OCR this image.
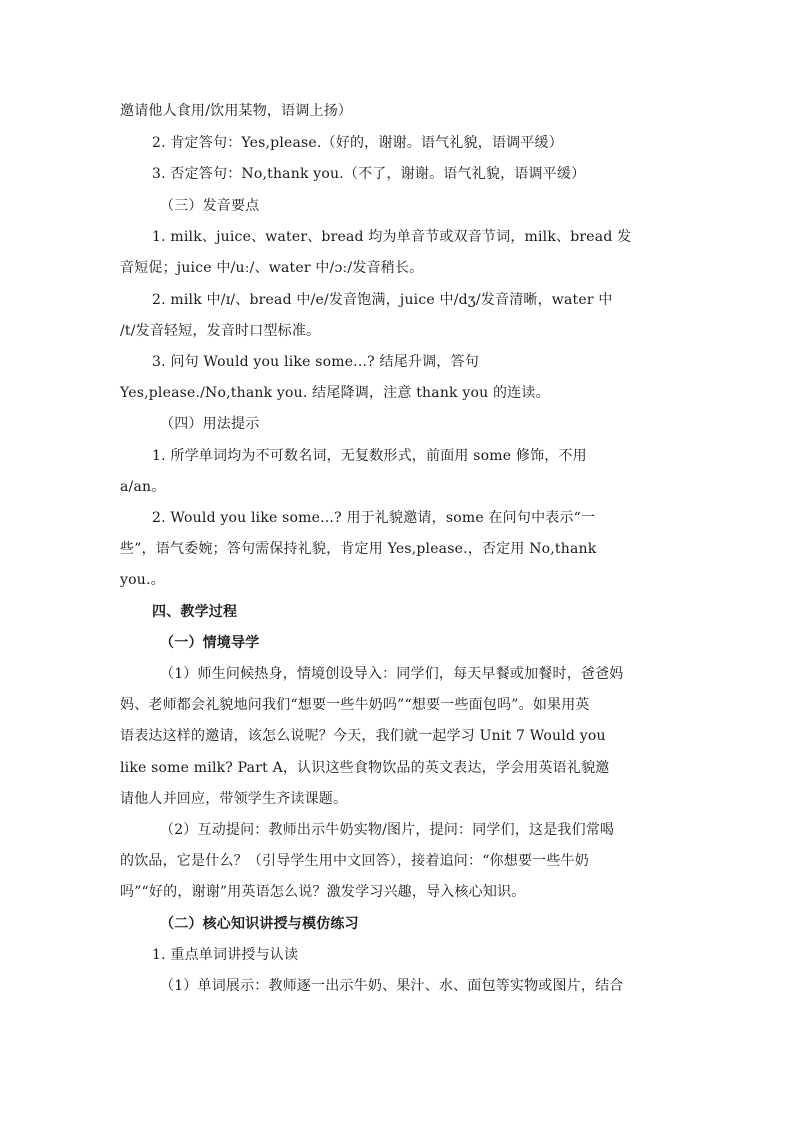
邀请他人食用/饮用某物，语调上扬）
2. 肯定答句：Yes,please.（好的，谢谢。语气礼貌，语调平缓）
3. 否定答句：No,thank you.（不了，谢谢。语气礼貌，语调平缓）
（三）发音要点
1. milk、juice、water、bread 均为单音节或双音节词，milk、bread 发
音短促；juice 中/uː/、water 中/ɔː/发音稍长。
2. milk 中/ɪ/、bread 中/e/发音饱满，juice 中/dʒ/发音清晰，water 中
/t/发音轻短，发音时口型标准。
3. 问句 Would you like some...? 结尾升调，答句
Yes,please./No,thank you. 结尾降调，注意 thank you 的连读。
（四）用法提示
1. 所学单词均为不可数名词，无复数形式，前面用 some 修饰，不用
a/an。
2. Would you like some...? 用于礼貌邀请，some 在问句中表示“一
些”，语气委婉；答句需保持礼貌，肯定用 Yes,please.，否定用 No,thank
you.。
四、教学过程
（一）情境导学
（1）师生问候热身，情境创设导入：同学们，每天早餐或加餐时，爸爸妈
妈、老师都会礼貌地问我们“想要一些牛奶吗”“想要一些面包吗”。如果用英
语表达这样的邀请，该怎么说呢？今天，我们就一起学习 Unit 7 Would you
like some milk? Part A，认识这些食物饮品的英文表达，学会用英语礼貌邀
请他人并回应，带领学生齐读课题。
（2）互动提问：教师出示牛奶实物/图片，提问：同学们，这是我们常喝
的饮品，它是什么？（引导学生用中文回答），接着追问：“你想要一些牛奶
吗”“好的，谢谢”用英语怎么说？激发学习兴趣，导入核心知识。
（二）核心知识讲授与模仿练习
1. 重点单词讲授与认读
（1）单词展示：教师逐一出示牛奶、果汁、水、面包等实物或图片，结合
